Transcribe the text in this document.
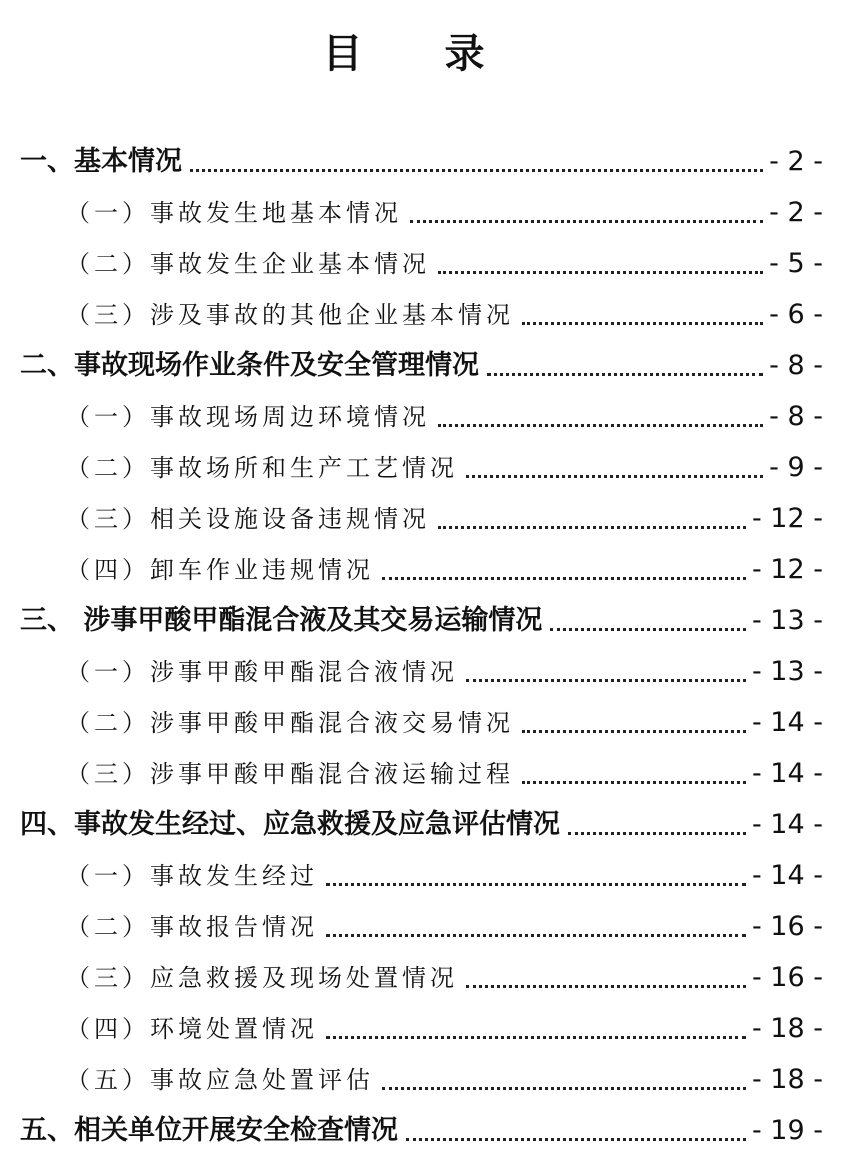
目 录
一、基本情况	- 2 -
（一）事故发生地基本情况	- 2 -
（二）事故发生企业基本情况	- 5 -
（三）涉及事故的其他企业基本情况	- 6 -
二、事故现场作业条件及安全管理情况	- 8 -
（一）事故现场周边环境情况	- 8 -
（二）事故场所和生产工艺情况	- 9 -
（三）相关设施设备违规情况	- 12 -
（四）卸车作业违规情况	- 12 -
三、 涉事甲酸甲酯混合液及其交易运输情况	- 13 -
（一）涉事甲酸甲酯混合液情况	- 13 -
（二）涉事甲酸甲酯混合液交易情况	- 14 -
（三）涉事甲酸甲酯混合液运输过程	- 14 -
四、事故发生经过、应急救援及应急评估情况	- 14 -
（一）事故发生经过	- 14 -
（二）事故报告情况	- 16 -
（三）应急救援及现场处置情况	- 16 -
（四）环境处置情况	- 18 -
（五）事故应急处置评估	- 18 -
五、相关单位开展安全检查情况	- 19 -
